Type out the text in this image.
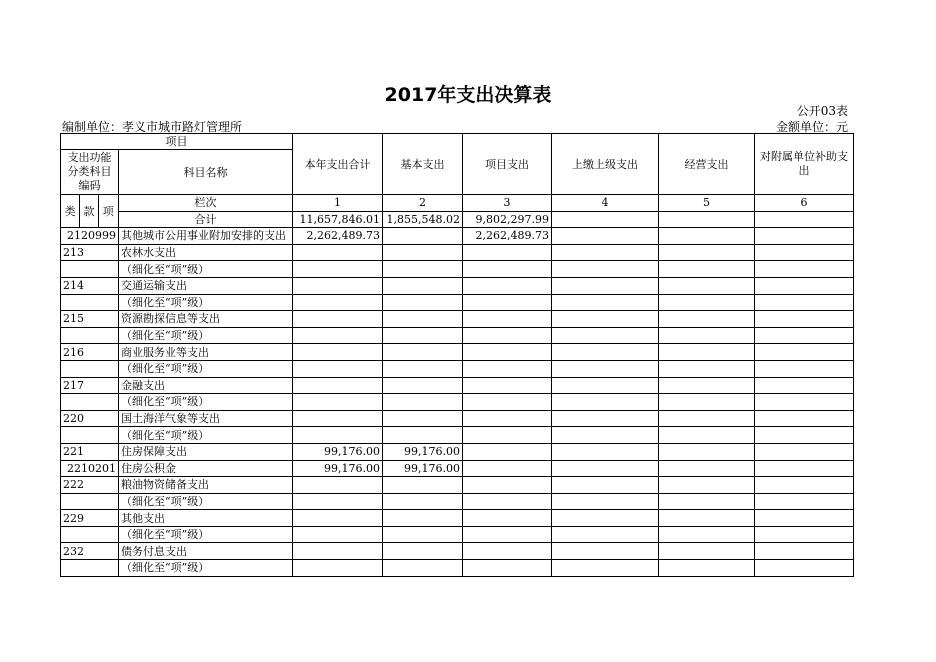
2017年支出决算表
公开03表
编制单位：孝义市城市路灯管理所	金额单位：元
项目				本年支出合计	基本支出	项目支出	上缴上级支出	经营支出	对附属单位补助支出
支出功能分类科目编码			科目名称						

类	款	项	栏次	1	2	3	4	5	6
			合计	11,657,846.01	1,855,548.02	9,802,297.99			
2120999			其他城市公用事业附加安排的支出	2,262,489.73		2,262,489.73			
213			农林水支出						
			（细化至“项”级）						
214			交通运输支出						
			（细化至“项”级）						
215			资源勘探信息等支出						
			（细化至“项”级）						
216			商业服务业等支出						
			（细化至“项”级）						
217			金融支出						
			（细化至“项”级）						
220			国土海洋气象等支出						
			（细化至“项”级）						
221			住房保障支出	99,176.00	99,176.00				
2210201			住房公积金	99,176.00	99,176.00				
222			粮油物资储备支出						
			（细化至“项”级）						
229			其他支出						
			（细化至“项”级）						
232			债务付息支出						
			（细化至“项”级）						
